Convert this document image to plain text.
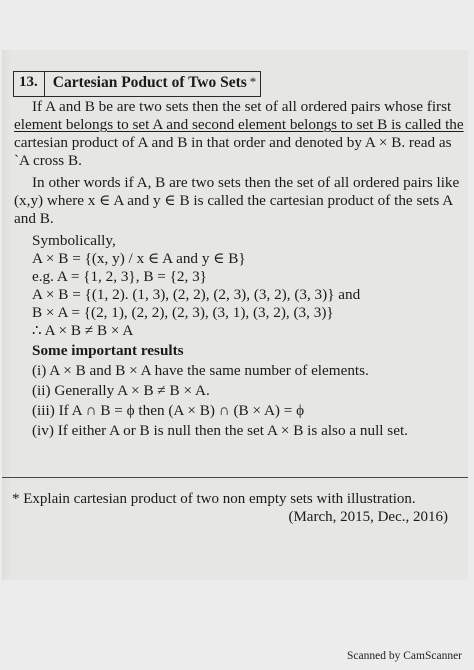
13. Cartesian Poduct of Two Sets *
If A and B be are two sets then the set of all ordered pairs whose first
element belongs to set A and second element belongs to set B is called the
cartesian product of A and B in that order and denoted by A × B. read as
`A cross B.
In other words if A, B are two sets then the set of all ordered pairs like
(x,y) where x ∈ A and y ∈ B is called the cartesian product of the sets A
and B.
Symbolically,
A × B = {(x, y) / x ∈ A and y ∈ B}
e.g. A = {1, 2, 3}, B = {2, 3}
A × B = {(1, 2). (1, 3), (2, 2), (2, 3), (3, 2), (3, 3)} and
B × A = {(2, 1), (2, 2), (2, 3), (3, 1), (3, 2), (3, 3)}
∴ A × B ≠ B × A
Some important results
(i) A × B and B × A have the same number of elements.
(ii) Generally A × B ≠ B × A.
(iii) If A ∩ B = ϕ then (A × B) ∩ (B × A) = ϕ
(iv) If either A or B is null then the set A × B is also a null set.
* Explain cartesian product of two non empty sets with illustration.
(March, 2015, Dec., 2016)
Scanned by CamScanner
